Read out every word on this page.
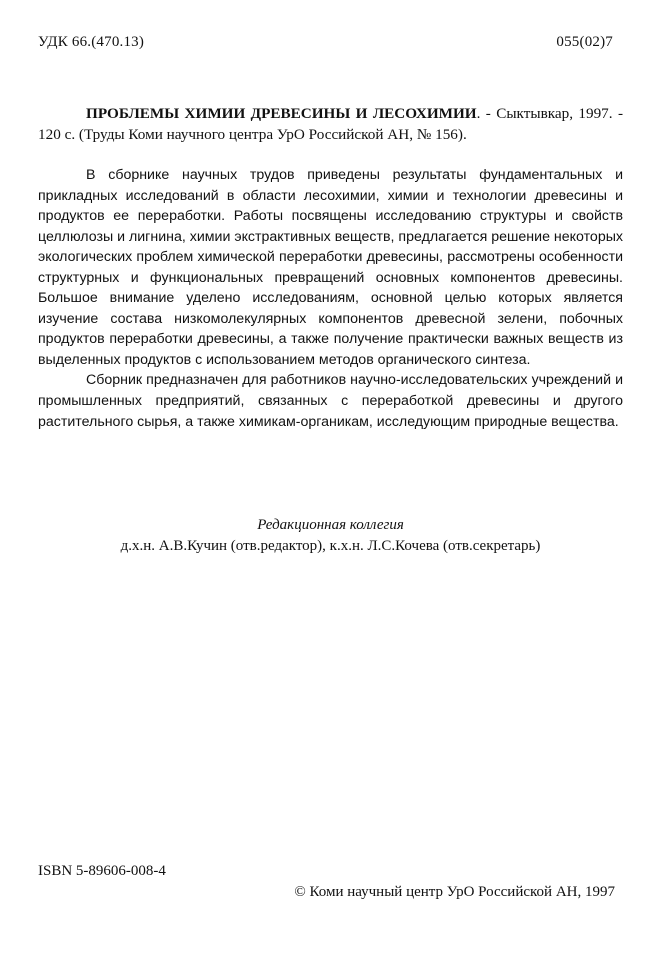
УДК 66.(470.13)	055(02)7

ПРОБЛЕМЫ ХИМИИ ДРЕВЕСИНЫ И ЛЕСОХИМИИ. - Сыктывкар, 1997. - 120 с. (Труды Коми научного центра УрО Российской АН, № 156).

В сборнике научных трудов приведены результаты фундаментальных и прикладных исследований в области лесохимии, химии и технологии древесины и продуктов ее переработки. Работы посвящены исследованию структуры и свойств целлюлозы и лигнина, химии экстрактивных веществ, предлагается решение некоторых экологических проблем химической переработки древесины, рассмотрены особенности структурных и функциональных превращений основных компонентов древесины. Большое внимание уделено исследованиям, основной целью которых является изучение состава низкомолекулярных компонентов древесной зелени, побочных продуктов переработки древесины, а также получение практически важных веществ из выделенных продуктов с использованием методов органического синтеза.

Сборник предназначен для работников научно-исследовательских учреждений и промышленных предприятий, связанных с переработкой древесины и другого растительного сырья, а также химикам-органикам, исследующим природные вещества.

Редакционная коллегия
д.х.н. А.В.Кучин (отв.редактор), к.х.н. Л.С.Кочева (отв.секретарь)
ISBN 5-89606-008-4
© Коми научный центр УрО Российской АН, 1997
